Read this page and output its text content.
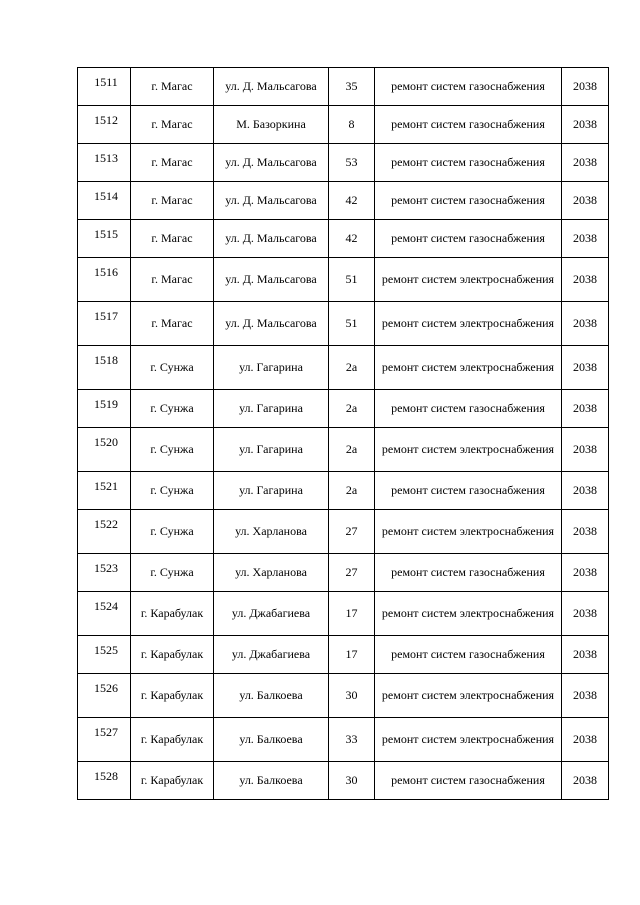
1511	г. Магас	ул. Д. Мальсагова	35	ремонт систем газоснабжения	2038
1512	г. Магас	М. Базоркина	8	ремонт систем газоснабжения	2038
1513	г. Магас	ул. Д. Мальсагова	53	ремонт систем газоснабжения	2038
1514	г. Магас	ул. Д. Мальсагова	42	ремонт систем газоснабжения	2038
1515	г. Магас	ул. Д. Мальсагова	42	ремонт систем газоснабжения	2038
1516	г. Магас	ул. Д. Мальсагова	51	ремонт систем электроснабжения	2038
1517	г. Магас	ул. Д. Мальсагова	51	ремонт систем электроснабжения	2038
1518	г. Сунжа	ул. Гагарина	2а	ремонт систем электроснабжения	2038
1519	г. Сунжа	ул. Гагарина	2а	ремонт систем газоснабжения	2038
1520	г. Сунжа	ул. Гагарина	2а	ремонт систем электроснабжения	2038
1521	г. Сунжа	ул. Гагарина	2а	ремонт систем газоснабжения	2038
1522	г. Сунжа	ул. Харланова	27	ремонт систем электроснабжения	2038
1523	г. Сунжа	ул. Харланова	27	ремонт систем газоснабжения	2038
1524	г. Карабулак	ул. Джабагиева	17	ремонт систем электроснабжения	2038
1525	г. Карабулак	ул. Джабагиева	17	ремонт систем газоснабжения	2038
1526	г. Карабулак	ул. Балкоева	30	ремонт систем электроснабжения	2038
1527	г. Карабулак	ул. Балкоева	33	ремонт систем электроснабжения	2038
1528	г. Карабулак	ул. Балкоева	30	ремонт систем газоснабжения	2038
